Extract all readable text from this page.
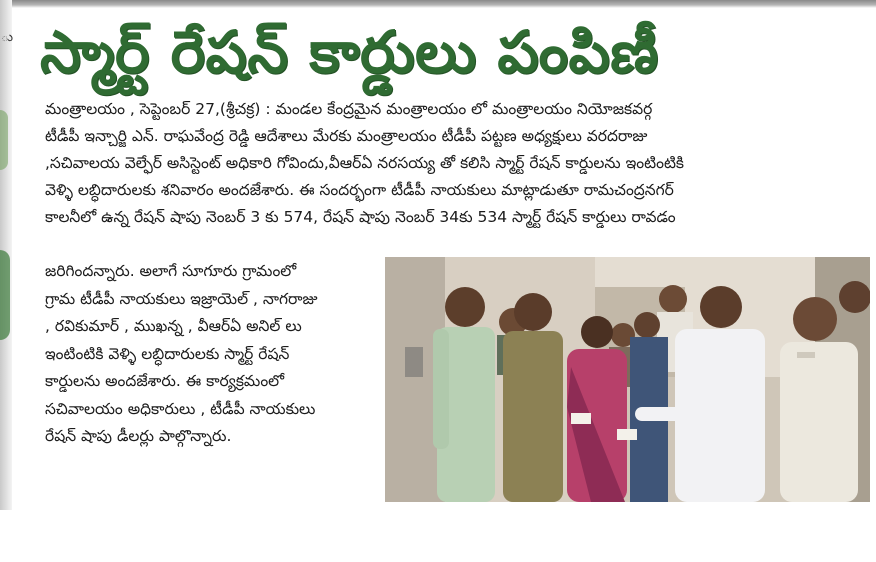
ు స్మార్ట్ రేషన్ కార్డులు పంపిణీ
మంత్రాలయం , సెప్టెంబర్ 27,(శ్రీచక్ర) : మండల కేంద్రమైన మంత్రాలయం లో మంత్రాలయం నియోజకవర్గ
టీడీపీ ఇన్చార్జి ఎన్. రాఘవేంద్ర రెడ్డి ఆదేశాలు మేరకు మంత్రాలయం టీడీపీ పట్టణ అధ్యక్షులు వరదరాజు
,సచివాలయ వెల్ఫేర్ అసిస్టెంట్ అధికారి గోవిందు,వీఆర్ఏ నరసయ్య తో కలిసి స్మార్ట్ రేషన్ కార్డులను ఇంటింటికి
వెళ్ళి లబ్ధిదారులకు శనివారం అందజేశారు. ఈ సందర్భంగా టీడీపీ నాయకులు మాట్లాడుతూ రామచంద్రనగర్
కాలనీలో ఉన్న రేషన్ షాపు నెంబర్ 3 కు 574, రేషన్ షాపు నెంబర్ 34కు 534 స్మార్ట్ రేషన్ కార్డులు రావడం
జరిగిందన్నారు. అలాగే సూగూరు గ్రామంలో
గ్రామ టీడీపీ నాయకులు ఇజ్రాయెల్ , నాగరాజు
, రవికుమార్ , ముఖన్న , వీఆర్ఏ అనిల్ లు
ఇంటింటికి వెళ్ళి లబ్ధిదారులకు స్మార్ట్ రేషన్
కార్డులను అందజేశారు. ఈ కార్యక్రమంలో
సచివాలయం అధికారులు , టీడీపీ నాయకులు
రేషన్ షాపు డీలర్లు పాల్గొన్నారు.
